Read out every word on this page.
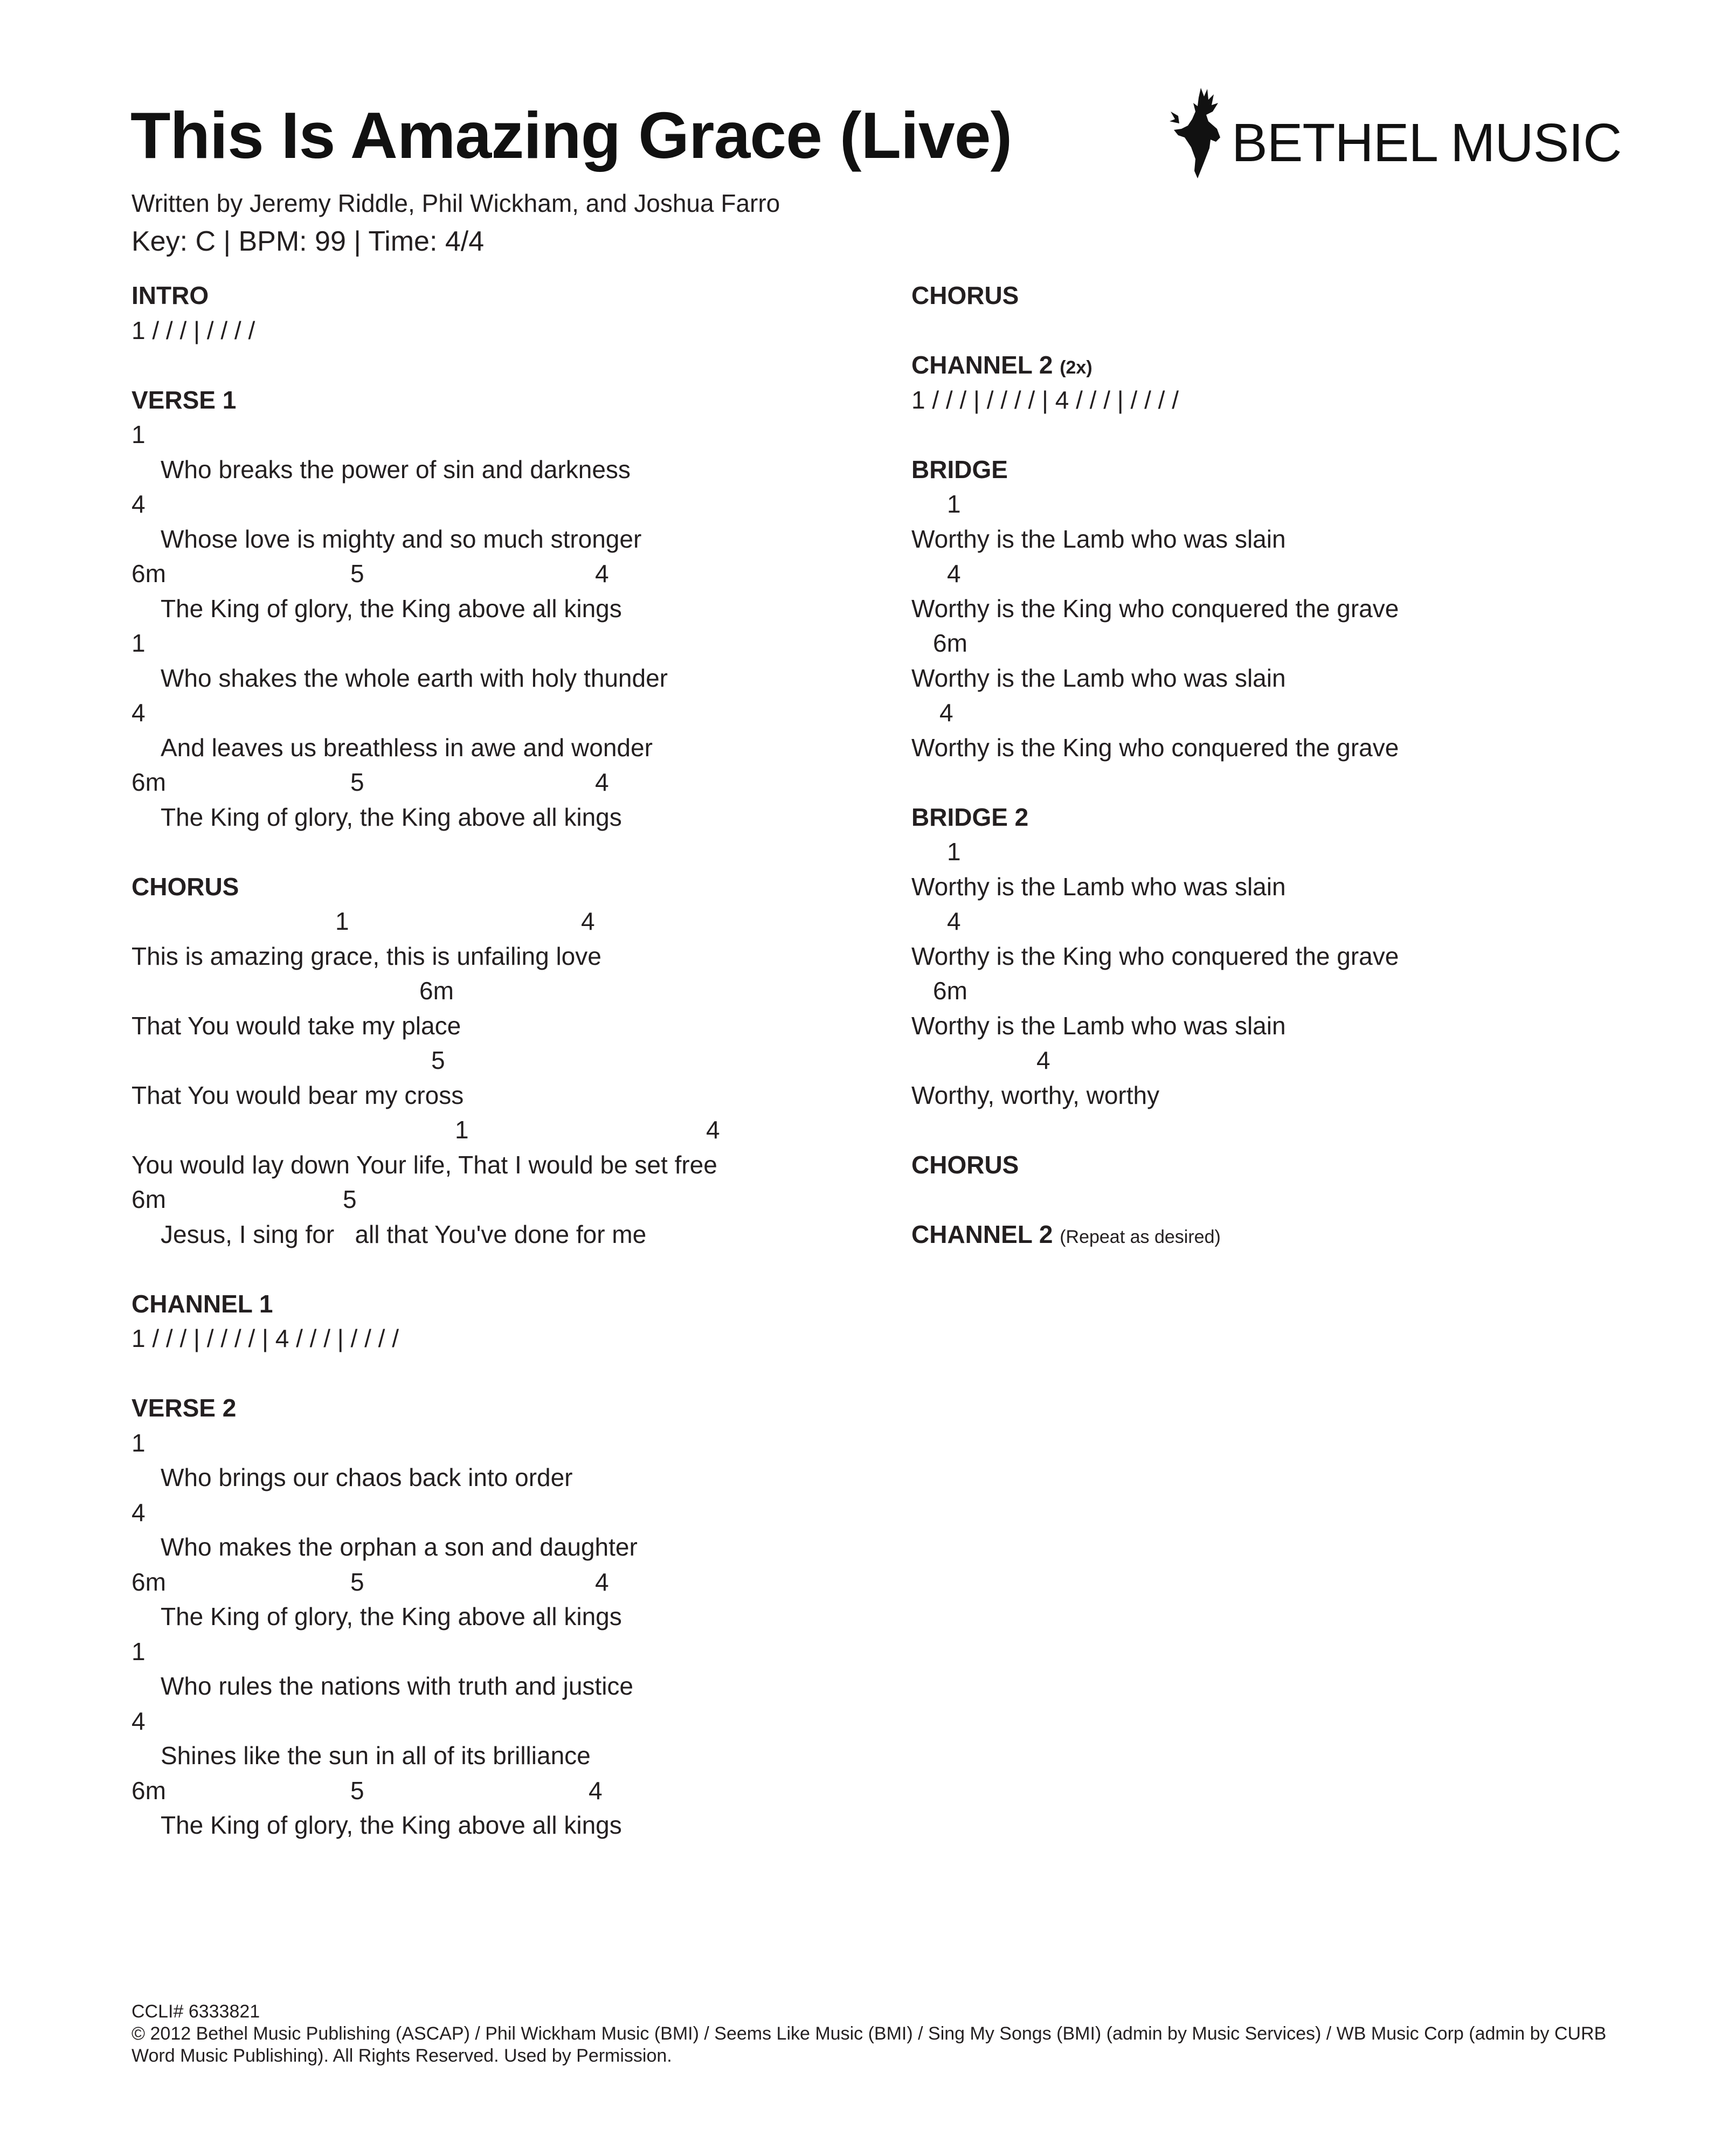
This Is Amazing Grace (Live)

Written by Jeremy Riddle, Phil Wickham, and Joshua Farro

Key: C | BPM: 99 | Time: 4/4

BETHEL MUSIC
INTRO
1 / / / | / / / /
VERSE 1
1
Who breaks the power of sin and darkness
4
Whose love is mighty and so much stronger

6m

	5

	4

The King of glory, the King above all kings
1
Who shakes the whole earth with holy thunder
4
And leaves us breathless in awe and wonder

6m

	5

	4

The King of glory, the King above all kings
CHORUS

1

	4

This is amazing grace, this is unfailing love
6m
That You would take my place
5
That You would bear my cross

1

	4

You would lay down Your life, That I would be set free

6m

	5

Jesus, I sing for   all that You've done for me
CHANNEL 1
1 / / / | / / / / | 4 / / / | / / / /
VERSE 2
1
Who brings our chaos back into order
4
Who makes the orphan a son and daughter

6m

	5

	4

The King of glory, the King above all kings
1
Who rules the nations with truth and justice
4
Shines like the sun in all of its brilliance

6m

	5

	4

The King of glory, the King above all kings
CHORUS
CHANNEL 2 (2x)
1 / / / | / / / / | 4 / / / | / / / /
BRIDGE
1
Worthy is the Lamb who was slain
4
Worthy is the King who conquered the grave
6m
Worthy is the Lamb who was slain
4
Worthy is the King who conquered the grave
BRIDGE 2
1
Worthy is the Lamb who was slain
4
Worthy is the King who conquered the grave
6m
Worthy is the Lamb who was slain
4
Worthy, worthy, worthy
CHORUS
CHANNEL 2 (Repeat as desired)

CCLI# 6333821

© 2012 Bethel Music Publishing (ASCAP) / Phil Wickham Music (BMI) / Seems Like Music (BMI) / Sing My Songs (BMI) (admin by Music Services) / WB Music Corp (admin by CURB Word Music Publishing). All Rights Reserved. Used by Permission.
